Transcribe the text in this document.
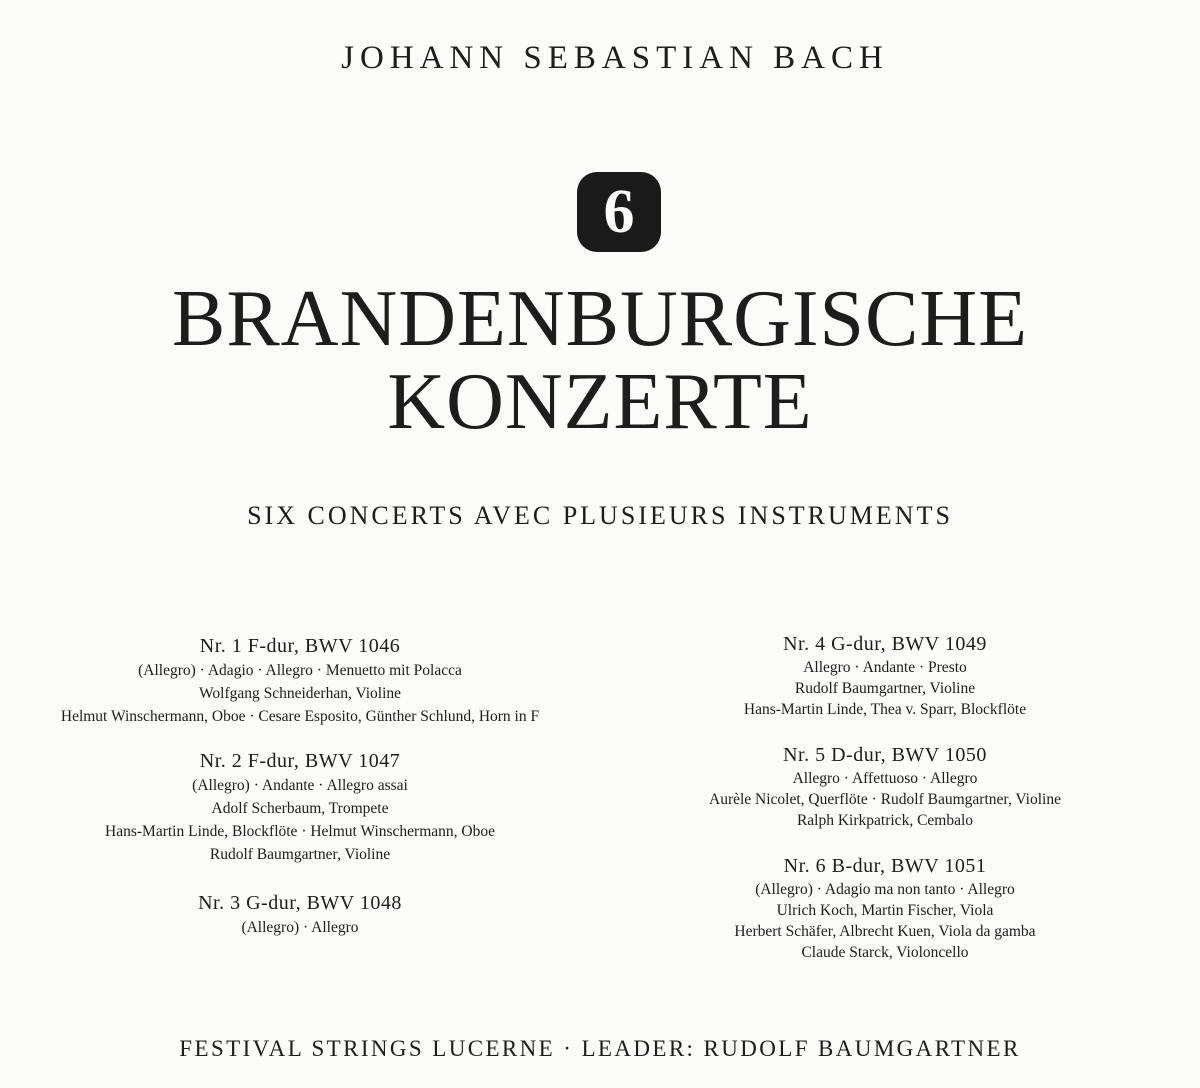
JOHANN SEBASTIAN BACH
6
BRANDENBURGISCHE
KONZERTE
SIX CONCERTS AVEC PLUSIEURS INSTRUMENTS
Nr. 1 F-dur, BWV 1046
(Allegro) · Adagio · Allegro · Menuetto mit Polacca
Wolfgang Schneiderhan, Violine
Helmut Winschermann, Oboe · Cesare Esposito, Günther Schlund, Horn in F
Nr. 2 F-dur, BWV 1047
(Allegro) · Andante · Allegro assai
Adolf Scherbaum, Trompete
Hans-Martin Linde, Blockflöte · Helmut Winschermann, Oboe
Rudolf Baumgartner, Violine
Nr. 3 G-dur, BWV 1048
(Allegro) · Allegro
Nr. 4 G-dur, BWV 1049
Allegro · Andante · Presto
Rudolf Baumgartner, Violine
Hans-Martin Linde, Thea v. Sparr, Blockflöte
Nr. 5 D-dur, BWV 1050
Allegro · Affettuoso · Allegro
Aurèle Nicolet, Querflöte · Rudolf Baumgartner, Violine
Ralph Kirkpatrick, Cembalo
Nr. 6 B-dur, BWV 1051
(Allegro) · Adagio ma non tanto · Allegro
Ulrich Koch, Martin Fischer, Viola
Herbert Schäfer, Albrecht Kuen, Viola da gamba
Claude Starck, Violoncello
FESTIVAL STRINGS LUCERNE · LEADER: RUDOLF BAUMGARTNER
